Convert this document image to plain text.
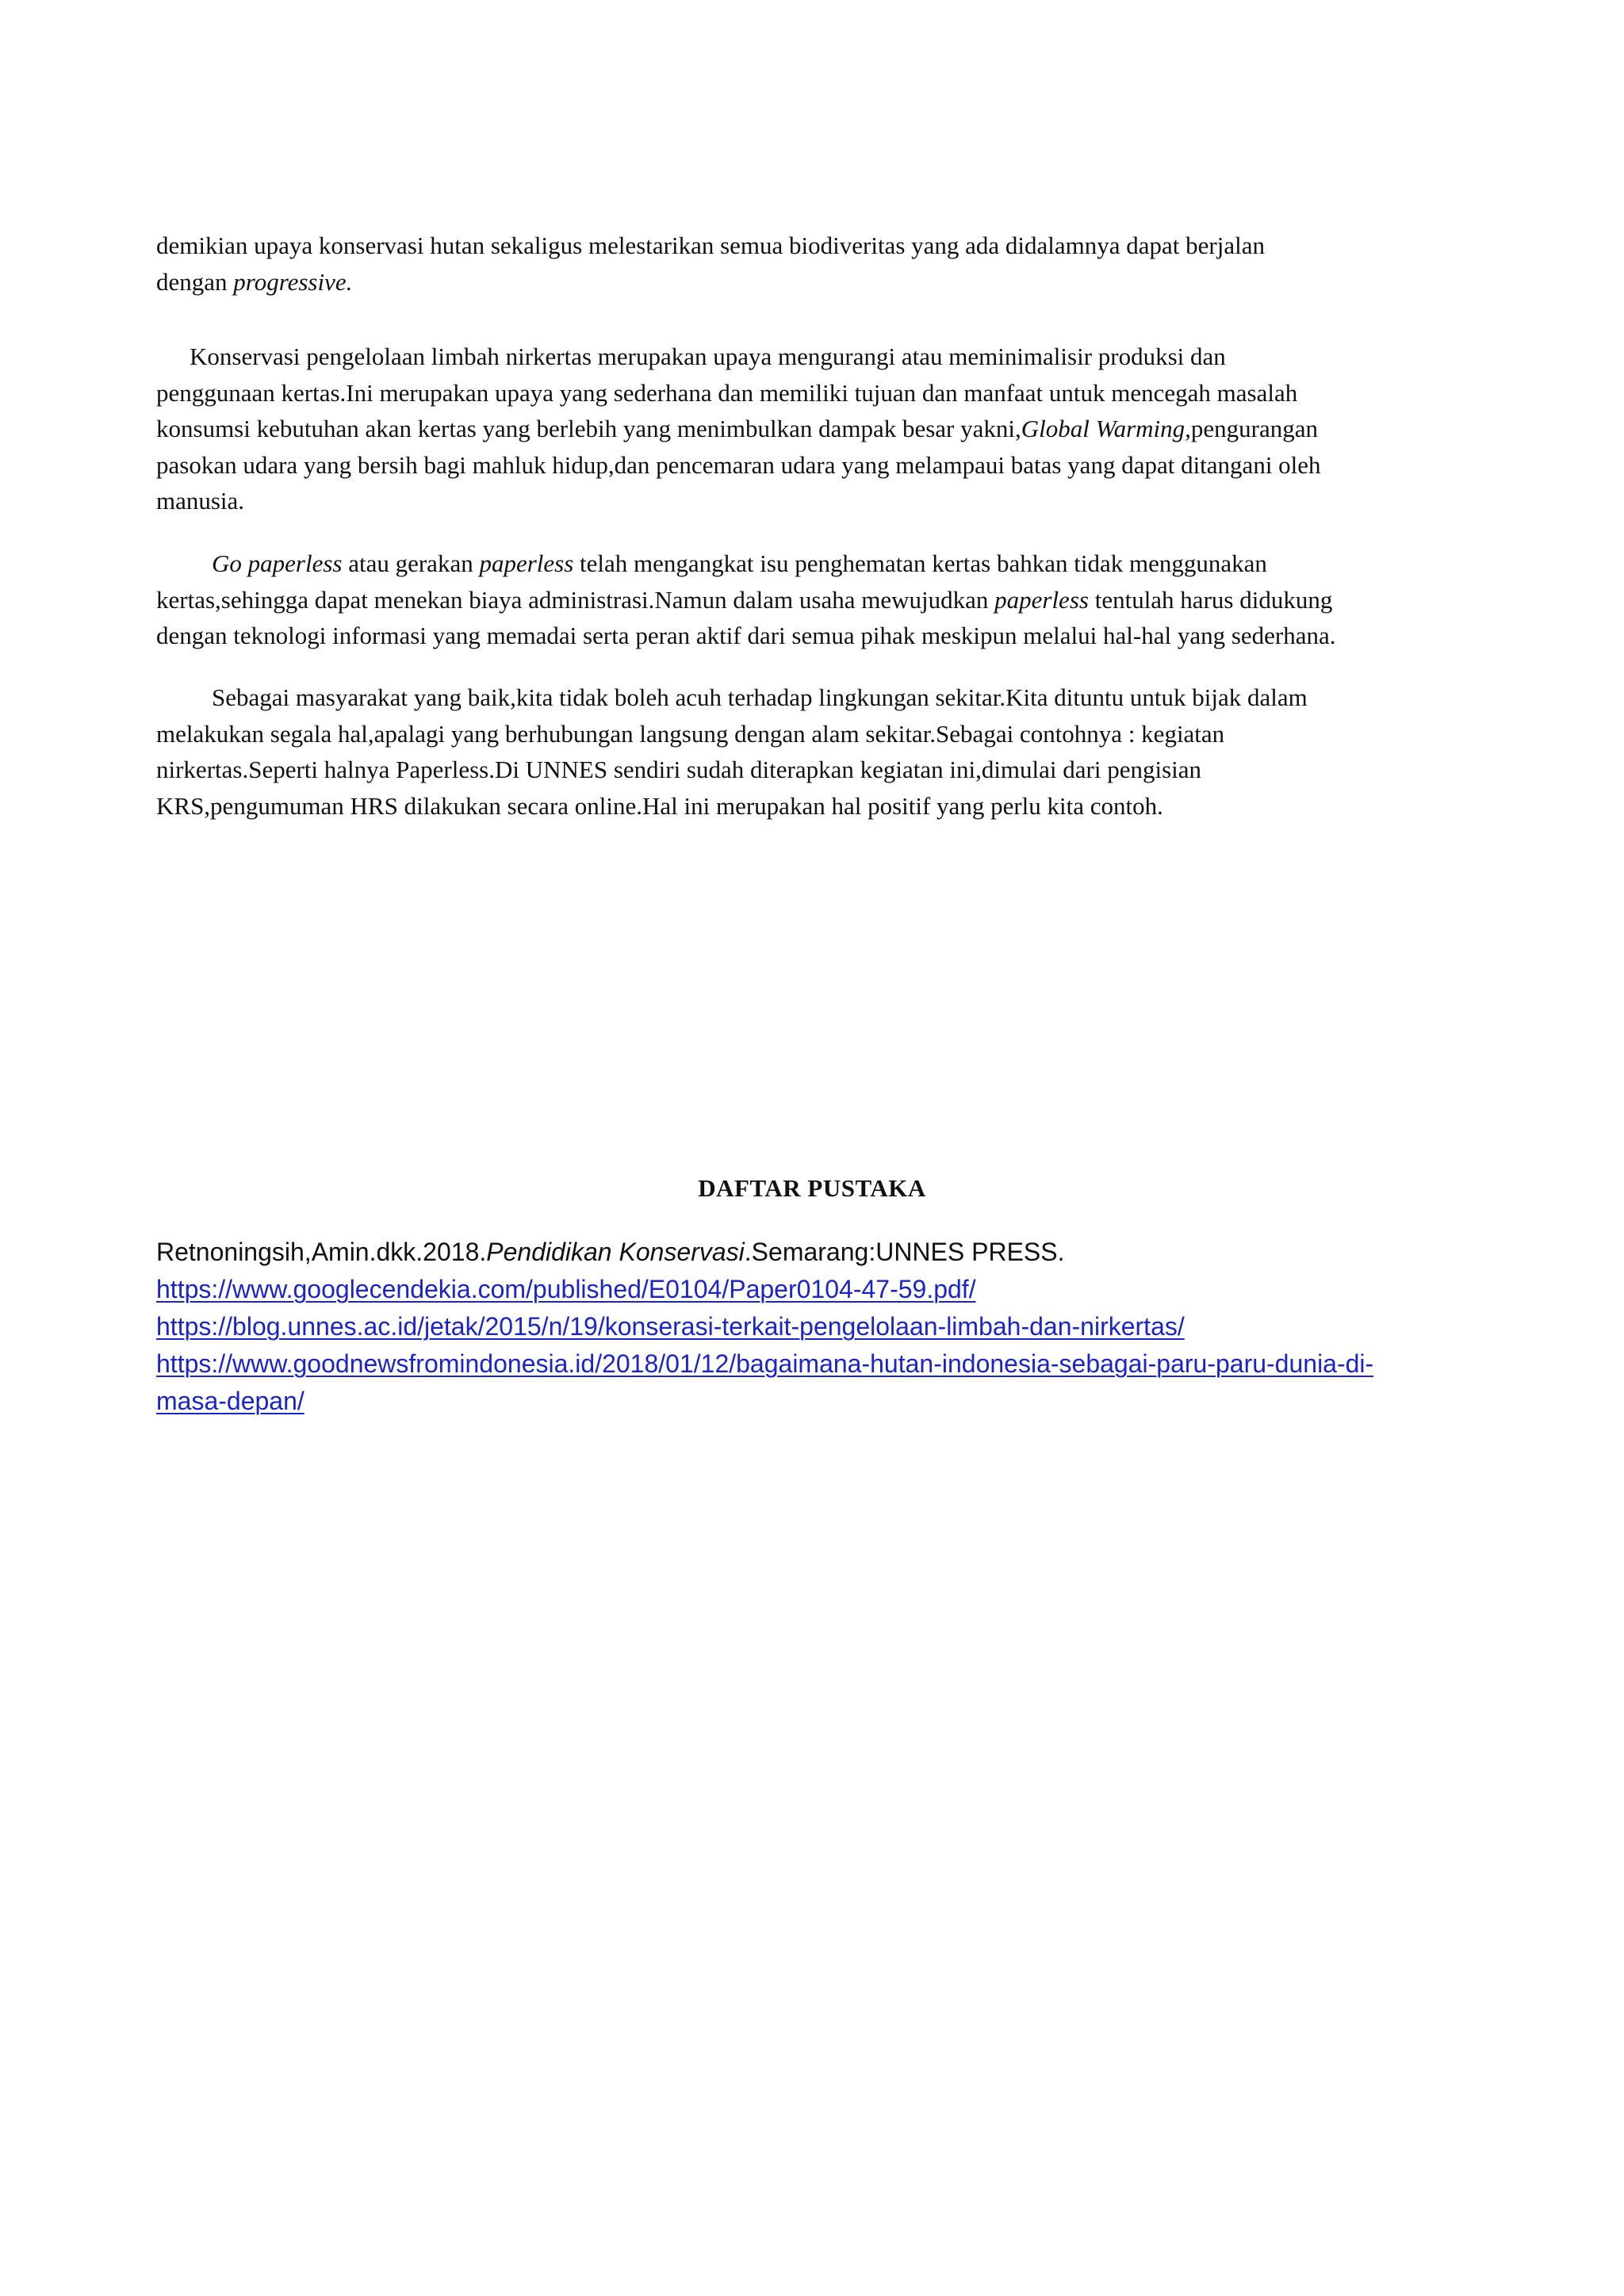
demikian upaya konservasi hutan sekaligus melestarikan semua biodiveritas yang ada didalamnya dapat berjalan
dengan progressive.
Konservasi pengelolaan limbah nirkertas merupakan upaya mengurangi atau meminimalisir produksi dan
penggunaan kertas.Ini merupakan upaya yang sederhana dan memiliki tujuan dan manfaat untuk mencegah masalah
konsumsi kebutuhan akan kertas yang berlebih yang menimbulkan dampak besar yakni,Global Warming,pengurangan
pasokan udara yang bersih bagi mahluk hidup,dan pencemaran udara yang melampaui batas yang dapat ditangani oleh
manusia.
Go paperless atau gerakan paperless telah mengangkat isu penghematan kertas bahkan tidak menggunakan
kertas,sehingga dapat menekan biaya administrasi.Namun dalam usaha mewujudkan paperless tentulah harus didukung
dengan teknologi informasi yang memadai serta peran aktif dari semua pihak meskipun melalui hal-hal yang sederhana.
Sebagai masyarakat yang baik,kita tidak boleh acuh terhadap lingkungan sekitar.Kita dituntu untuk bijak dalam
melakukan segala hal,apalagi yang berhubungan langsung dengan alam sekitar.Sebagai contohnya : kegiatan
nirkertas.Seperti halnya Paperless.Di UNNES sendiri sudah diterapkan kegiatan ini,dimulai dari pengisian
KRS,pengumuman HRS dilakukan secara online.Hal ini merupakan hal positif yang perlu kita contoh.
DAFTAR PUSTAKA
Retnoningsih,Amin.dkk.2018.Pendidikan Konservasi.Semarang:UNNES PRESS.
https://www.googlecendekia.com/published/E0104/Paper0104-47-59.pdf/
https://blog.unnes.ac.id/jetak/2015/n/19/konserasi-terkait-pengelolaan-limbah-dan-nirkertas/
https://www.goodnewsfromindonesia.id/2018/01/12/bagaimana-hutan-indonesia-sebagai-paru-paru-dunia-di-
masa-depan/
